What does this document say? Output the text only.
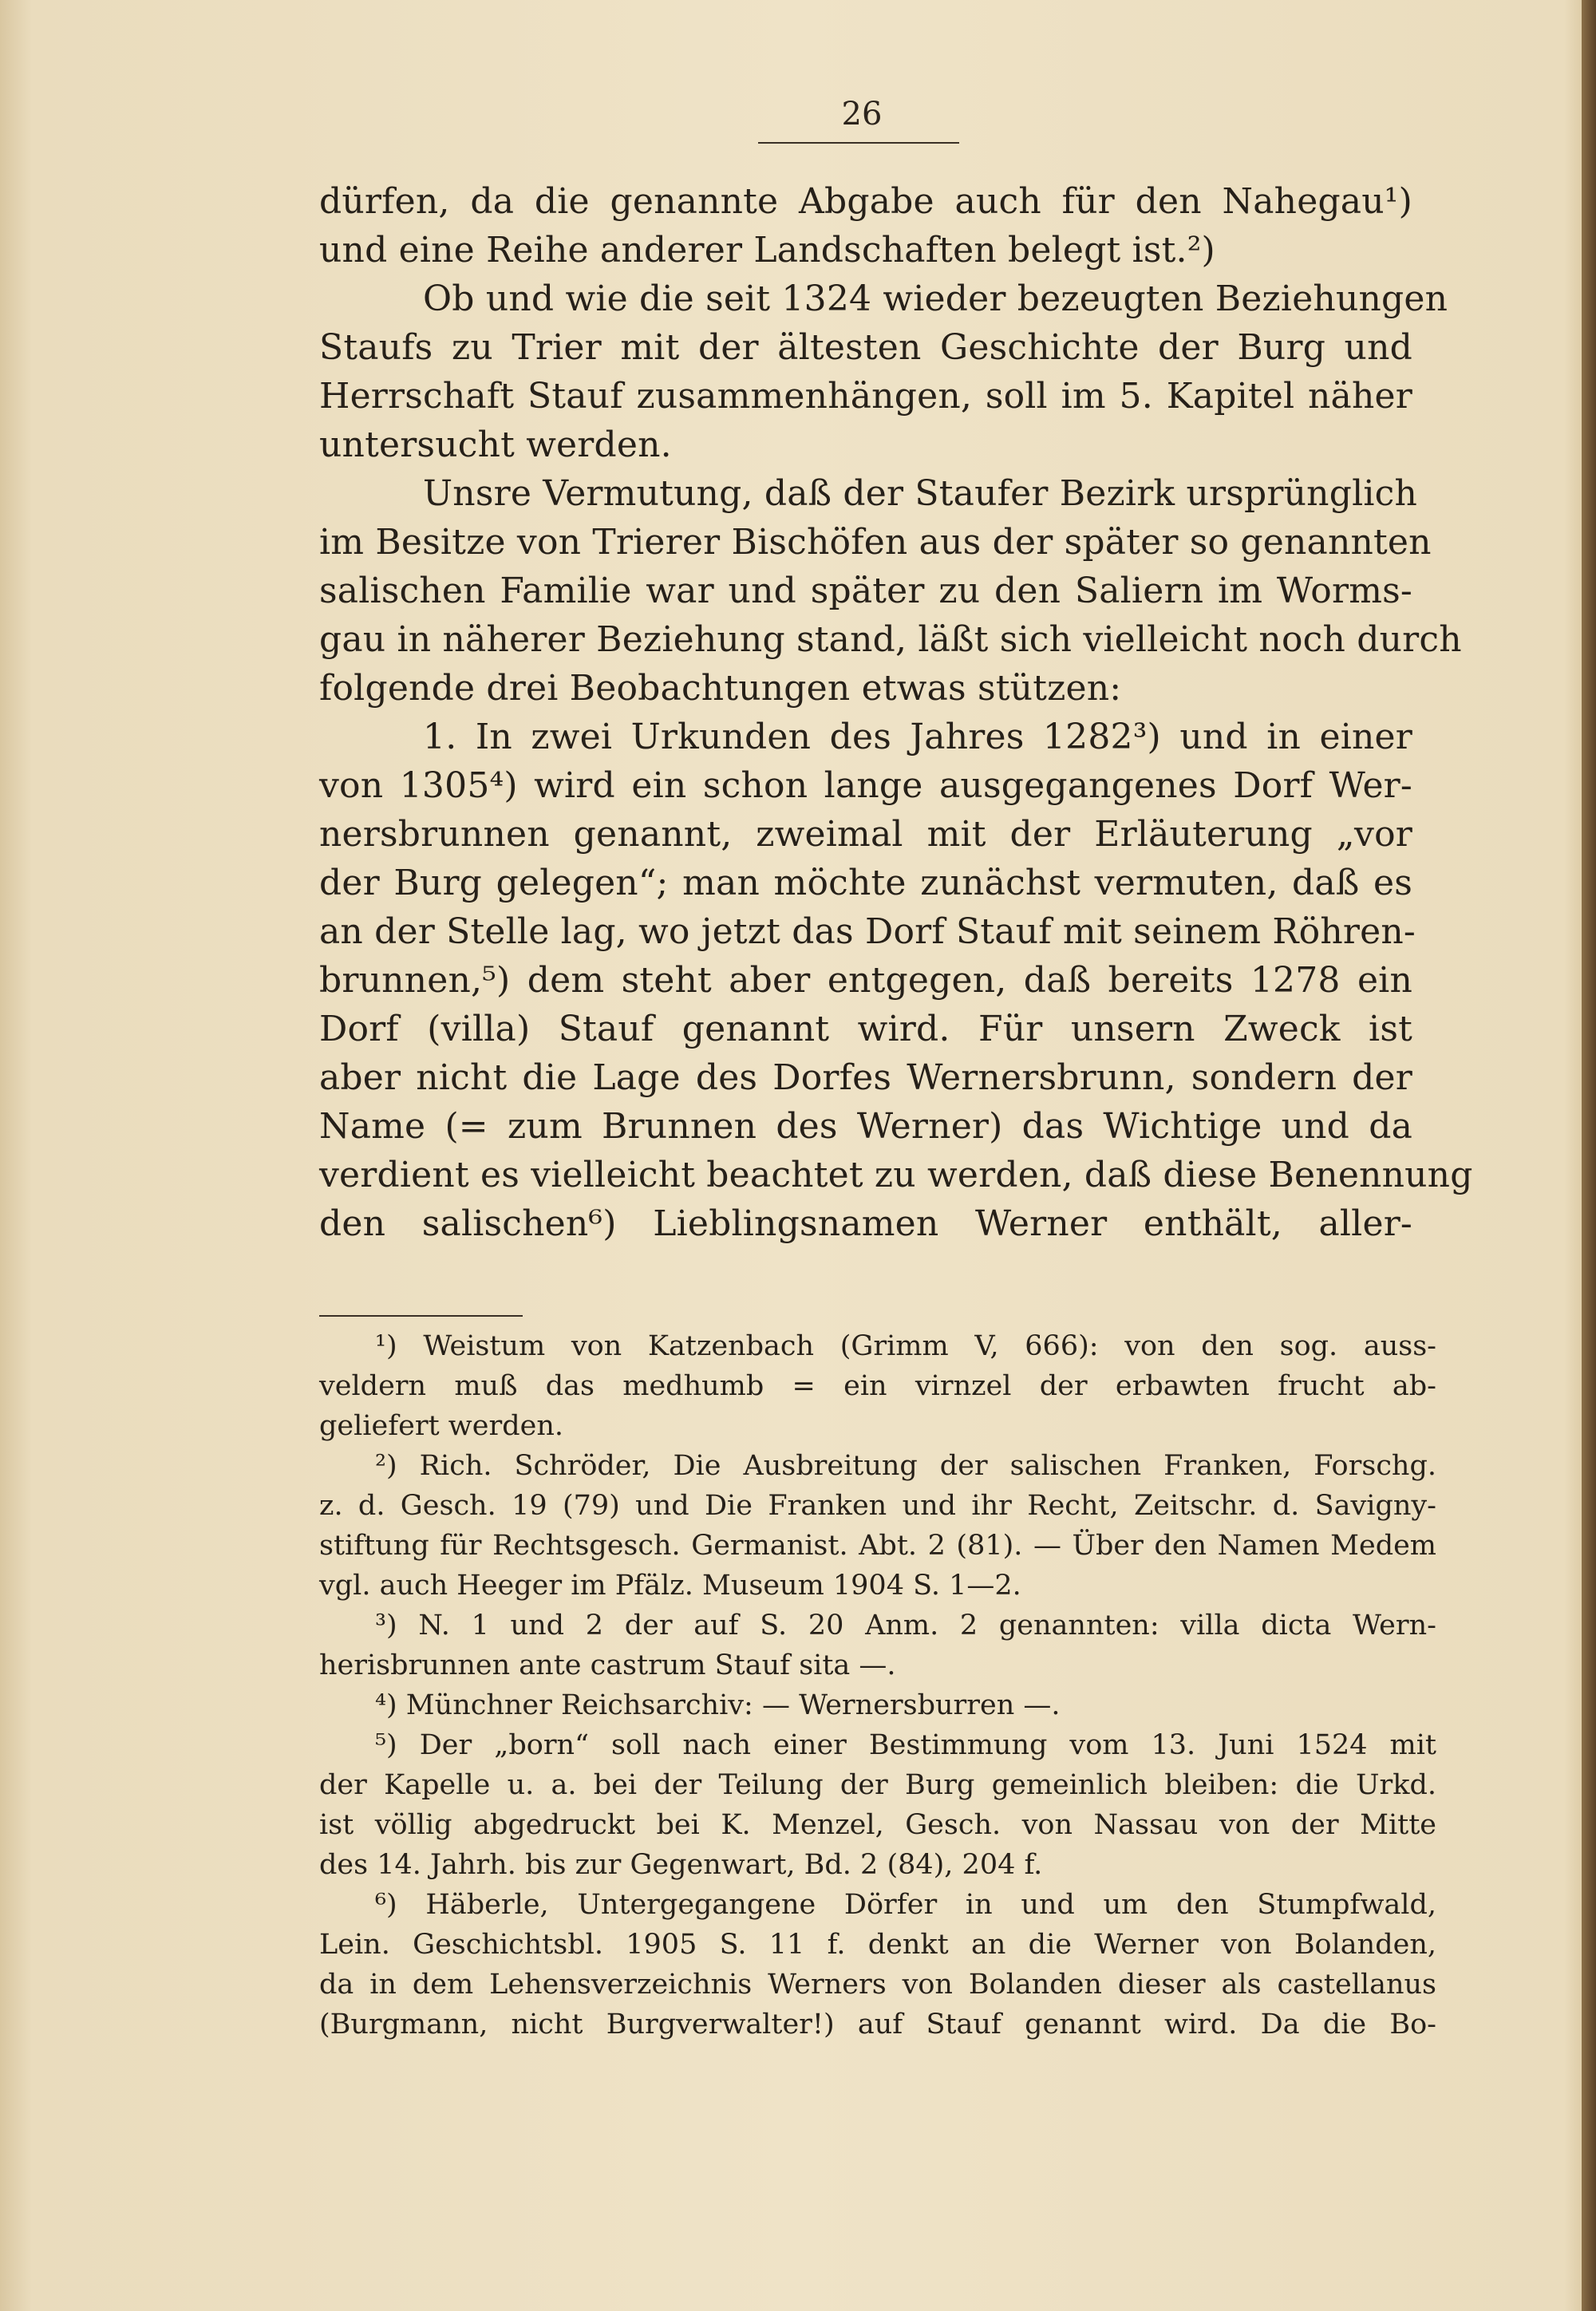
26
dürfen, da die genannte Abgabe auch für den Nahegau¹)
und eine Reihe anderer Landschaften belegt ist.²)
Ob und wie die seit 1324 wieder bezeugten Beziehungen
Staufs zu Trier mit der ältesten Geschichte der Burg und
Herrschaft Stauf zusammenhängen, soll im 5. Kapitel näher
untersucht werden.
Unsre Vermutung, daß der Staufer Bezirk ursprünglich
im Besitze von Trierer Bischöfen aus der später so genannten
salischen Familie war und später zu den Saliern im Worms-
gau in näherer Beziehung stand, läßt sich vielleicht noch durch
folgende drei Beobachtungen etwas stützen:
1. In zwei Urkunden des Jahres 1282³) und in einer
von 1305⁴) wird ein schon lange ausgegangenes Dorf Wer-
nersbrunnen genannt, zweimal mit der Erläuterung „vor
der Burg gelegen“; man möchte zunächst vermuten, daß es
an der Stelle lag, wo jetzt das Dorf Stauf mit seinem Röhren-
brunnen,⁵) dem steht aber entgegen, daß bereits 1278 ein
Dorf (villa) Stauf genannt wird. Für unsern Zweck ist
aber nicht die Lage des Dorfes Wernersbrunn, sondern der
Name (= zum Brunnen des Werner) das Wichtige und da
verdient es vielleicht beachtet zu werden, daß diese Benennung
den salischen⁶) Lieblingsnamen Werner enthält, aller-
¹) Weistum von Katzenbach (Grimm V, 666): von den sog. auss-
veldern muß das medhumb = ein virnzel der erbawten frucht ab-
geliefert werden.
²) Rich. Schröder, Die Ausbreitung der salischen Franken, Forschg.
z. d. Gesch. 19 (79) und Die Franken und ihr Recht, Zeitschr. d. Savigny-
stiftung für Rechtsgesch. Germanist. Abt. 2 (81). — Über den Namen Medem
vgl. auch Heeger im Pfälz. Museum 1904 S. 1—2.
³) N. 1 und 2 der auf S. 20 Anm. 2 genannten: villa dicta Wern-
herisbrunnen ante castrum Stauf sita —.
⁴) Münchner Reichsarchiv: — Wernersburren —.
⁵) Der „born“ soll nach einer Bestimmung vom 13. Juni 1524 mit
der Kapelle u. a. bei der Teilung der Burg gemeinlich bleiben: die Urkd.
ist völlig abgedruckt bei K. Menzel, Gesch. von Nassau von der Mitte
des 14. Jahrh. bis zur Gegenwart, Bd. 2 (84), 204 f.
⁶) Häberle, Untergegangene Dörfer in und um den Stumpfwald,
Lein. Geschichtsbl. 1905 S. 11 f. denkt an die Werner von Bolanden,
da in dem Lehensverzeichnis Werners von Bolanden dieser als castellanus
(Burgmann, nicht Burgverwalter!) auf Stauf genannt wird. Da die Bo-
